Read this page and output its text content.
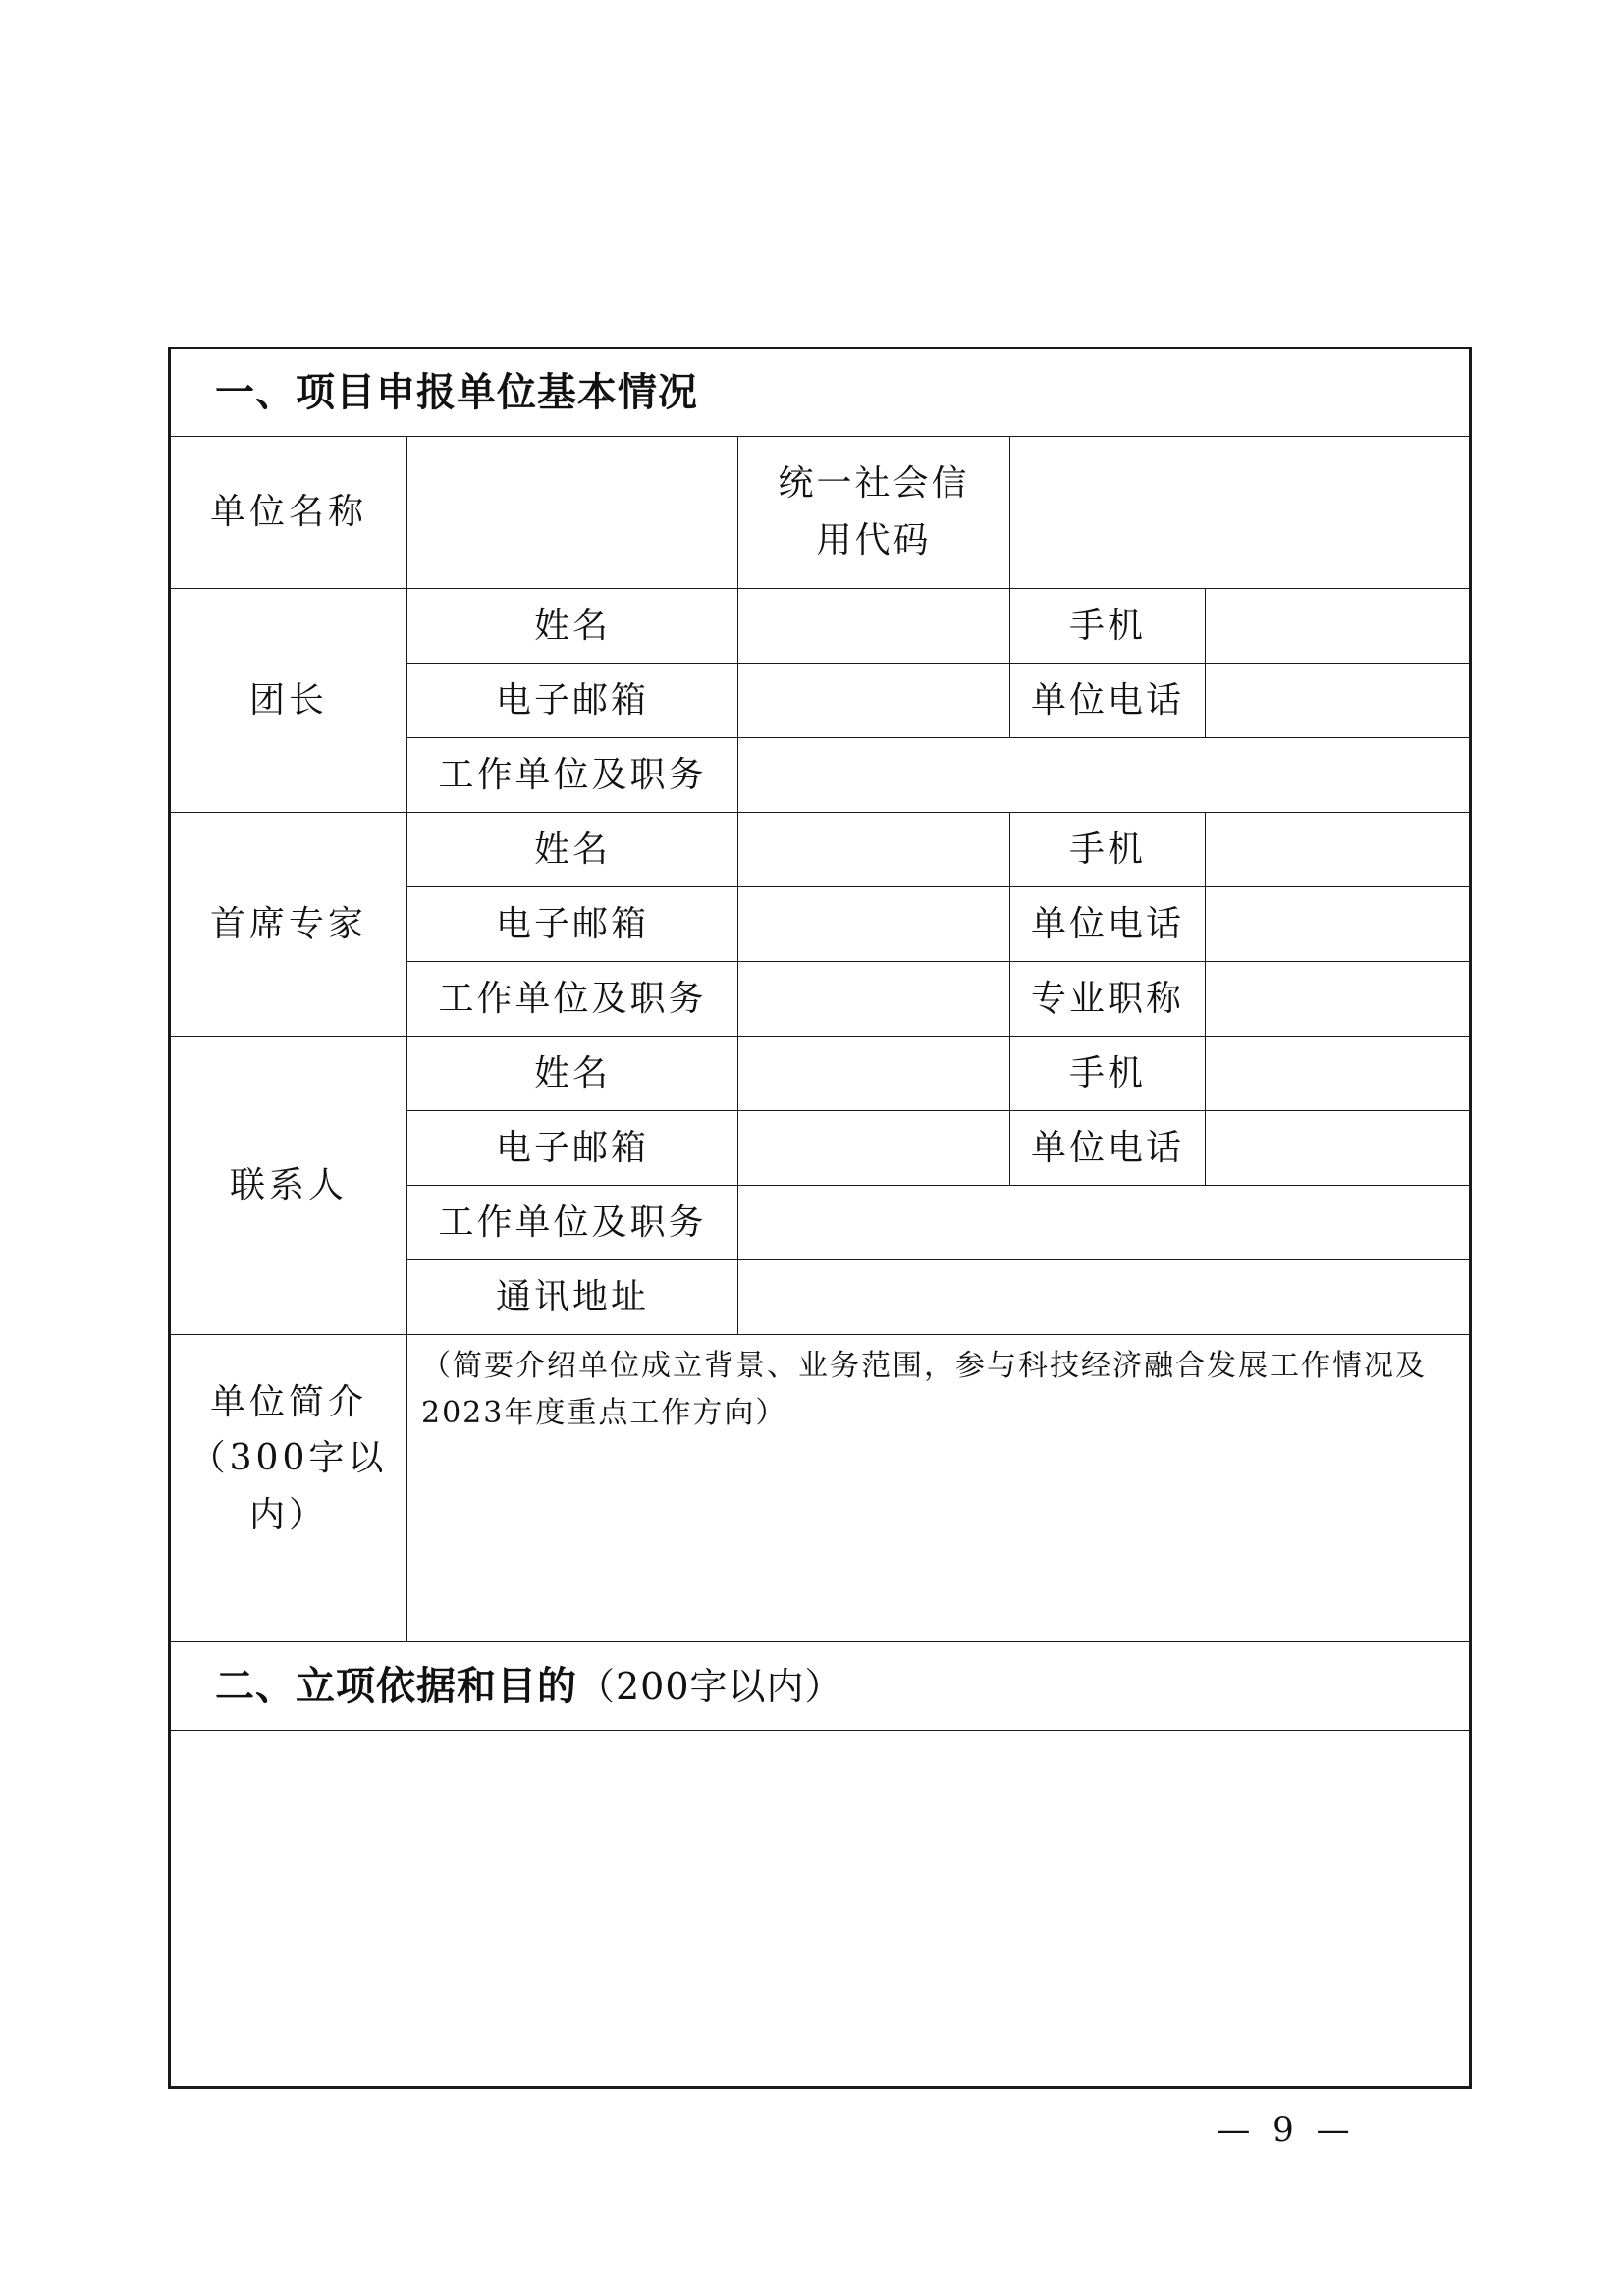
一、项目申报单位基本情况				
单位名称		统一社会信用代码		
团长	姓名		手机	
	电子邮箱		单位电话	
	工作单位及职务			
首席专家	姓名		手机	
	电子邮箱		单位电话	
	工作单位及职务		专业职称	
联系人	姓名		手机	
	电子邮箱		单位电话	
	工作单位及职务			
	通讯地址			

单位简介
（300字以
内）	（简要介绍单位成立背景、业务范围，参与科技经济融合发展工作情况及2023年度重点工作方向）			

二、立项依据和目的（200字以内）				

— 9 —
